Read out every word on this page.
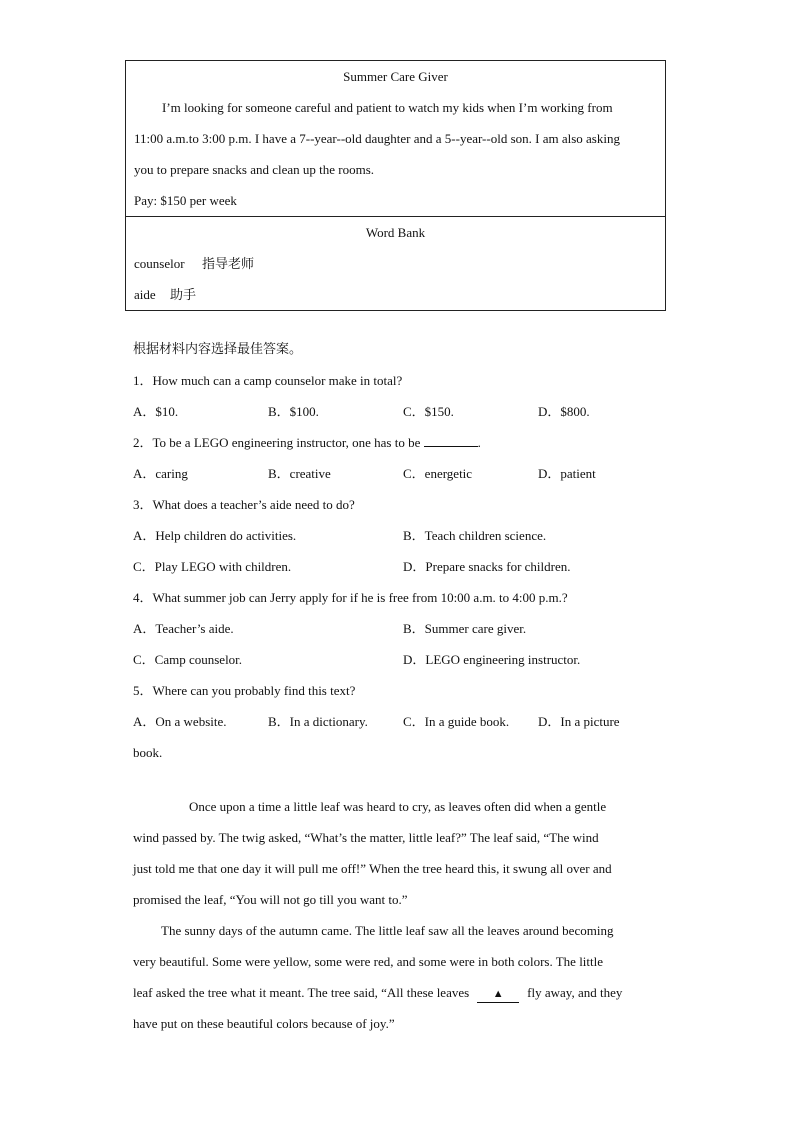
Summer Care Giver
I’m looking for someone careful and patient to watch my kids when I’m working from
11:00 a.m.to 3:00 p.m. I have a 7--year--old daughter and a 5--year--old son. I am also asking
you to prepare snacks and clean up the rooms.
Pay: $150 per week
Word Bank
counselor 指导老师
aide 助手
根据材料内容选择最佳答案。
1．How much can a camp counselor make in total?
A．$10.	B．$100.	C．$150.	D．$800.
2．To be a LEGO engineering instructor, one has to be	.
A．caring	B．creative	C．energetic	D．patient
3．What does a teacher’s aide need to do?
A．Help children do activities.	B．Teach children science.
C．Play LEGO with children.	D．Prepare snacks for children.
4．What summer job can Jerry apply for if he is free from 10:00 a.m. to 4:00 p.m.?
A．Teacher’s aide.	B．Summer care giver.
C．Camp counselor.	D．LEGO engineering instructor.
5．Where can you probably find this text?
A．On a website.	B．In a dictionary.	C．In a guide book.	D．In a picture
book.
Once upon a time a little leaf was heard to cry, as leaves often did when a gentle
wind passed by. The twig asked, “What’s the matter, little leaf?” The leaf said, “The wind
just told me that one day it will pull me off!” When the tree heard this, it swung all over and
promised the leaf, “You will not go till you want to.”
The sunny days of the autumn came. The little leaf saw all the leaves around becoming
very beautiful. Some were yellow, some were red, and some were in both colors. The little
leaf asked the tree what it meant. The tree said, “All these leaves ▲ fly away, and they
have put on these beautiful colors because of joy.”
